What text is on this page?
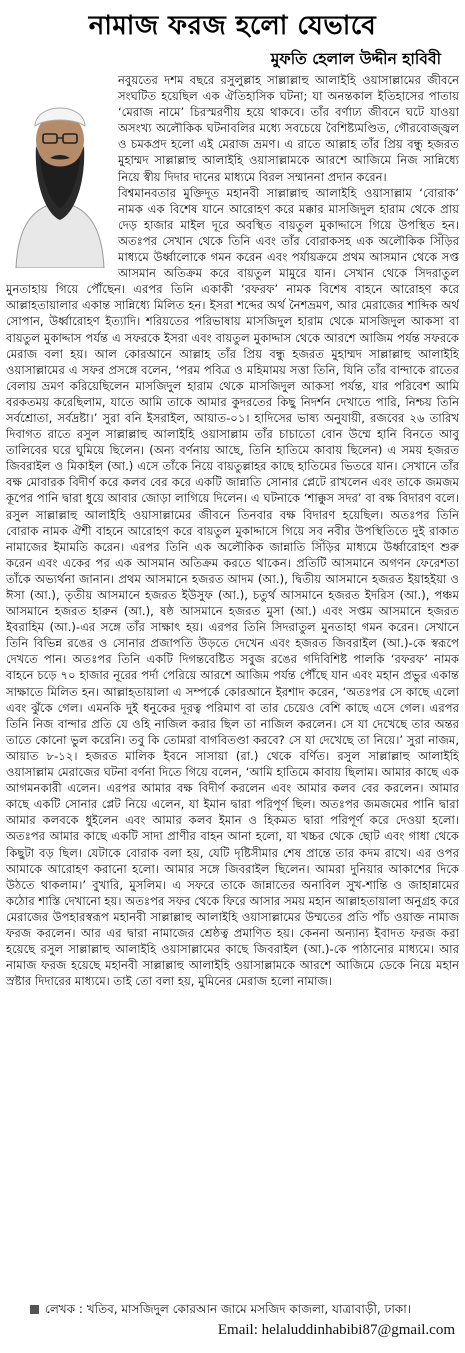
নামাজ ফরজ হলো যেভাবে
মুফতি হেলাল উদ্দীন হাবিবী

নবুয়তের দশম বছরে রসুলুল্লাহ সাল্লাল্লাহু আলাইহি ওয়াসাল্লামের জীবনে সংঘটিত হয়েছিল এক ঐতিহাসিক ঘটনা; যা অনন্তকাল ইতিহাসের পাতায় ‘মেরাজ নামে’ চিরস্মরণীয় হয়ে থাকবে। তাঁর বর্ণাঢ্য জীবনে ঘটে যাওয়া অসংখ্য অলৌকিক ঘটনাবলির মধ্যে সবচেয়ে বৈশিষ্ট্যমণ্ডিত, গৌরবোজ্জ্বল ও চমকপ্রদ হলো এই মেরাজ ভ্রমণ। এ রাতে আল্লাহ তাঁর প্রিয় বন্ধু হজরত মুহাম্মদ সাল্লাল্লাহু আলাইহি ওয়াসাল্লামকে আরশে আজিমে নিজ সান্নিধ্যে নিয়ে স্বীয় দিদার দানের মাধ্যমে বিরল সম্মাননা প্রদান করেন।

বিশ্বমানবতার মুক্তিদূত মহানবী সাল্লাল্লাহু আলাইহি ওয়াসাল্লাম ‘বোরাক’ নামক এক বিশেষ যানে আরোহণ করে মক্কার মাসজিদুল হারাম থেকে প্রায় দেড় হাজার মাইল দূরে অবস্থিত বায়তুল মুকাদ্দাসে গিয়ে উপস্থিত হন। অতঃপর সেখান থেকে তিনি এবং তাঁর বোরাকসহ এক অলৌকিক সিঁড়ির মাধ্যমে উর্ধ্বালোকে গমন করেন এবং পর্যায়ক্রমে প্রথম আসমান থেকে সপ্ত আসমান অতিক্রম করে বায়তুল মামুরে যান। সেখান থেকে সিদরাতুল মুনতাহায় গিয়ে পৌঁছেন। এরপর তিনি একাকী ‘রফরফ’ নামক বিশেষ বাহনে আরোহণ করে আল্লাহতায়ালার একান্ত সান্নিধ্যে মিলিত হন। ইসরা শব্দের অর্থ নৈশভ্রমণ, আর মেরাজের শাব্দিক অর্থ সোপান, উর্ধ্বারোহণ ইত্যাদি। শরিয়তের পরিভাষায় মাসজিদুল হারাম থেকে মাসজিদুল আকসা বা বায়তুল মুকাদ্দাস পর্যন্ত এ সফরকে ইসরা এবং বায়তুল মুকাদ্দাস থেকে আরশে আজিম পর্যন্ত সফরকে মেরাজ বলা হয়। আল কোরআনে আল্লাহ তাঁর প্রিয় বন্ধু হজরত মুহাম্মদ সাল্লাল্লাহু আলাইহি ওয়াসাল্লামের এ সফর প্রসঙ্গে বলেন, ‘পরম পবিত্র ও মহিমাময় সত্তা তিনি, যিনি তাঁর বান্দাকে রাতের বেলায় ভ্রমণ করিয়েছিলেন মাসজিদুল হারাম থেকে মাসজিদুল আকসা পর্যন্ত, যার পরিবেশ আমি বরকতময় করেছিলাম, যাতে আমি তাকে আমার কুদরতের কিছু নিদর্শন দেখাতে পারি, নিশ্চয় তিনি সর্বশ্রোতা, সর্বদ্রষ্টা।’ সুরা বনি ইসরাইল, আয়াত-০১। হাদিসের ভাষ্য অনুযায়ী, রজবের ২৬ তারিখ দিবাগত রাতে রসুল সাল্লাল্লাহু আলাইহি ওয়াসাল্লাম তাঁর চাচাতো বোন উম্মে হানি বিনতে আবু তালিবের ঘরে ঘুমিয়ে ছিলেন। (অন্য বর্ণনায় আছে, তিনি হাতিমে কাবায় ছিলেন) এ সময় হজরত জিবরাইল ও মিকাইল (আ.) এসে তাঁকে নিয়ে বায়তুল্লাহর কাছে হাতিমের ভিতরে যান। সেখানে তাঁর বক্ষ মোবারক বিদীর্ণ করে কলব বের করে একটি জান্নাতি সোনার প্লেটে রাখলেন এবং তাকে জমজম কূপের পানি দ্বারা ধুয়ে আবার জোড়া লাগিয়ে দিলেন। এ ঘটনাকে ‘শাক্কুস সদর’ বা বক্ষ বিদারণ বলে। রসুল সাল্লাল্লাহু আলাইহি ওয়াসাল্লামের জীবনে তিনবার বক্ষ বিদারণ হয়েছিল। অতঃপর তিনি বোরাক নামক ঐশী বাহনে আরোহণ করে বায়তুল মুকাদ্দাসে গিয়ে সব নবীর উপস্থিতিতে দুই রাকাত নামাজের ইমামতি করেন। এরপর তিনি এক অলৌকিক জান্নাতি সিঁড়ির মাধ্যমে উর্ধ্বারোহণ শুরু করেন এবং একের পর এক আসমান অতিক্রম করতে থাকেন। প্রতিটি আসমানে অগণন ফেরেশতা তাঁকে অভ্যর্থনা জানান। প্রথম আসমানে হজরত আদম (আ.), দ্বিতীয় আসমানে হজরত ইয়াহইয়া ও ঈসা (আ.), তৃতীয় আসমানে হজরত ইউসুফ (আ.), চতুর্থ আসমানে হজরত ইদরিস (আ.), পঞ্চম আসমানে হজরত হারুন (আ.), ষষ্ঠ আসমানে হজরত মুসা (আ.) এবং সপ্তম আসমানে হজরত ইবরাহিম (আ.)-এর সঙ্গে তাঁর সাক্ষাৎ হয়। এরপর তিনি সিদরাতুল মুনতাহা গমন করেন। সেখানে তিনি বিভিন্ন রঙের ও সোনার প্রজাপতি উড়তে দেখেন এবং হজরত জিবরাইল (আ.)-কে স্বরূপে দেখতে পান। অতঃপর তিনি একটি দিগন্তবেষ্টিত সবুজ রঙের গদিবিশিষ্ট পালকি ‘রফরফ’ নামক বাহনে চড়ে ৭০ হাজার নূরের পর্দা পেরিয়ে আরশে আজিম পর্যন্ত পৌঁছে যান এবং মহান প্রভুর একান্ত সাক্ষাতে মিলিত হন। আল্লাহতায়ালা এ সম্পর্কে কোরআনে ইরশাদ করেন, ‘অতঃপর সে কাছে এলো এবং ঝুঁকে গেল। এমনকি দুই ধনুকের দূরত্ব পরিমাণ বা তার চেয়েও বেশি কাছে এসে গেল। এরপর তিনি নিজ বান্দার প্রতি যে ওহি নাজিল করার ছিল তা নাজিল করলেন। সে যা দেখেছে তার অন্তর তাতে কোনো ভুল করেনি। তবু কি তোমরা বাগবিতণ্ডা করবে? সে যা দেখেছে তা নিয়ে।’ সুরা নাজম, আয়াত ৮-১২। হজরত মালিক ইবনে সাসায়া (রা.) থেকে বর্ণিত। রসুল সাল্লাল্লাহু আলাইহি ওয়াসাল্লাম মেরাজের ঘটনা বর্ণনা দিতে গিয়ে বলেন, ‘আমি হাতিমে কাবায় ছিলাম। আমার কাছে এক আগমনকারী এলেন। এরপর আমার বক্ষ বিদীর্ণ করলেন এবং আমার কলব বের করলেন। আমার কাছে একটি সোনার প্লেট নিয়ে এলেন, যা ইমান দ্বারা পরিপূর্ণ ছিল। অতঃপর জমজমের পানি দ্বারা আমার কলবকে ধুইলেন এবং আমার কলব ইমান ও হিকমত দ্বারা পরিপূর্ণ করে দেওয়া হলো। অতঃপর আমার কাছে একটি সাদা প্রাণীর বাহন আনা হলো, যা খচ্চর থেকে ছোট এবং গাধা থেকে কিছুটা বড় ছিল। যেটাকে বোরাক বলা হয়, যেটি দৃষ্টিসীমার শেষ প্রান্তে তার কদম রাখে। এর ওপর আমাকে আরোহণ করানো হলো। আমার সঙ্গে জিবরাইল ছিলেন। আমরা দুনিয়ার আকাশের দিকে উঠতে থাকলাম।’ বুখারি, মুসলিম। এ সফরে তাকে জান্নাতের অনাবিল সুখ-শান্তি ও জাহান্নামের কঠোর শাস্তি দেখানো হয়। অতঃপর সফর থেকে ফিরে আসার সময় মহান আল্লাহতায়ালা অনুগ্রহ করে মেরাজের উপহারস্বরূপ মহানবী সাল্লাল্লাহু আলাইহি ওয়াসাল্লামের উম্মতের প্রতি পাঁচ ওয়াক্ত নামাজ ফরজ করলেন। আর এর দ্বারা নামাজের শ্রেষ্ঠত্ব প্রমাণিত হয়। কেননা অন্যান্য ইবাদত ফরজ করা হয়েছে রসুল সাল্লাল্লাহু আলাইহি ওয়াসাল্লামের কাছে জিবরাইল (আ.)-কে পাঠানোর মাধ্যমে। আর নামাজ ফরজ হয়েছে মহানবী সাল্লাল্লাহু আলাইহি ওয়াসাল্লামকে আরশে আজিমে ডেকে নিয়ে মহান স্রষ্টার দিদারের মাধ্যমে। তাই তো বলা হয়, মুমিনের মেরাজ হলো নামাজ।

লেখক : খতিব, মাসজিদুল কোরআন জামে মসজিদ কাজলা, যাত্রাবাড়ী, ঢাকা।
Email: helaluddinhabibi87@gmail.com
